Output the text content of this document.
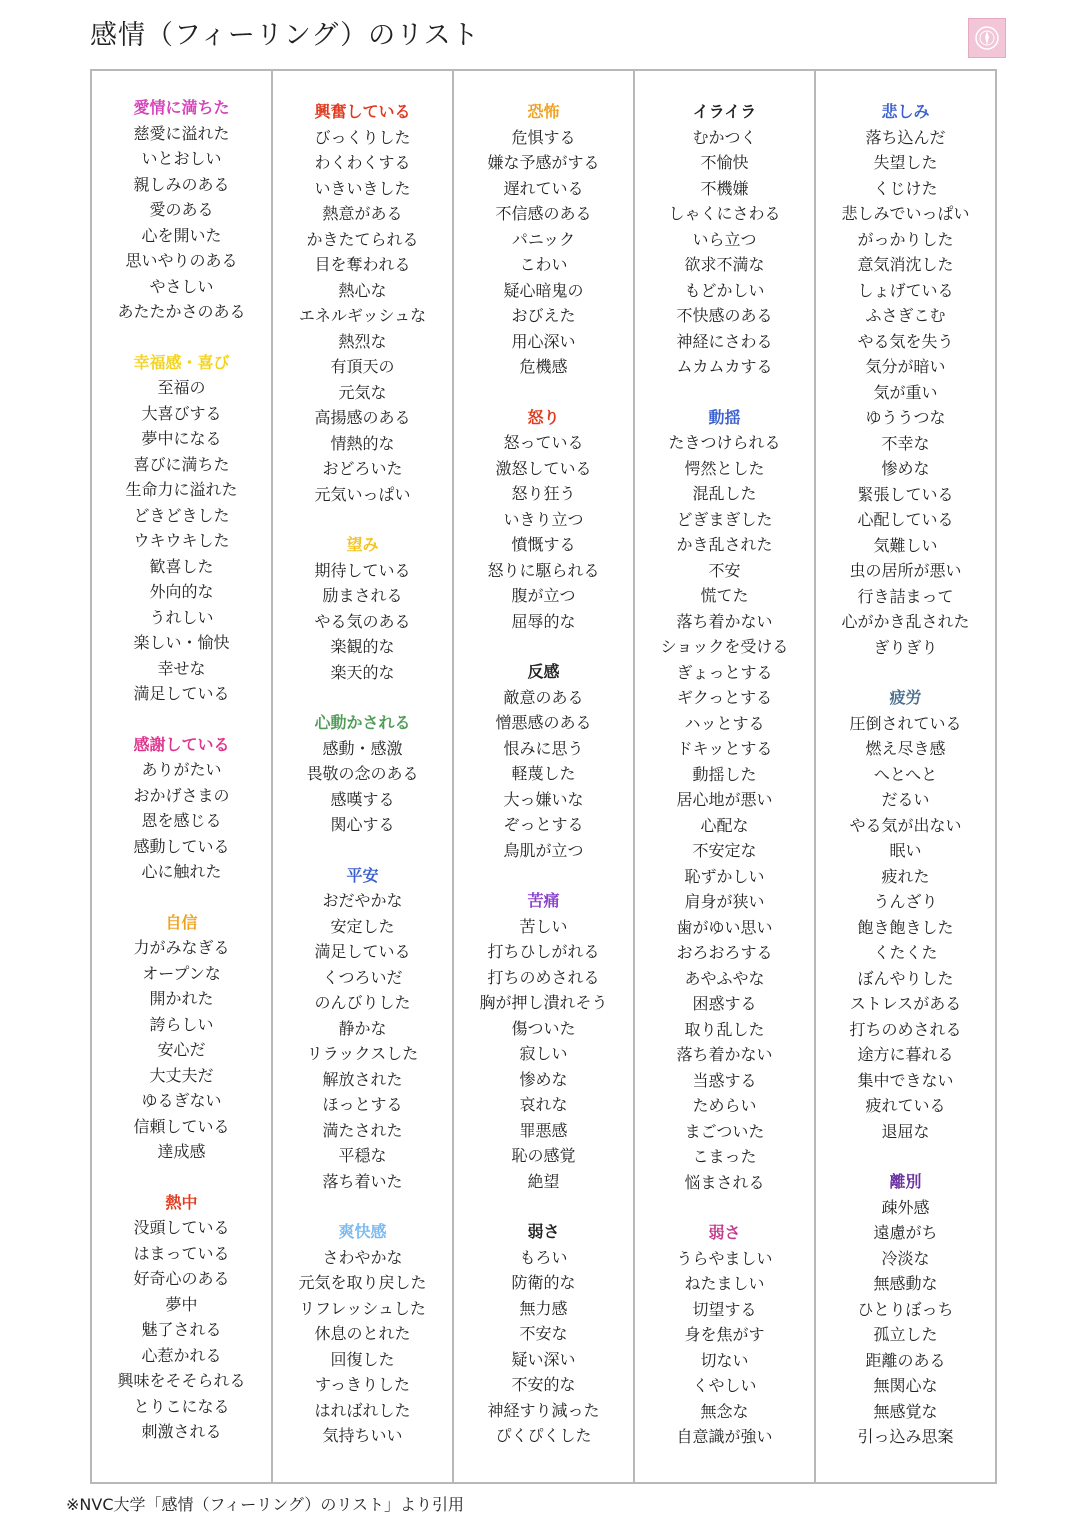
感情（フィーリング）のリスト
愛情に満ちた
慈愛に溢れた
いとおしい
親しみのある
愛のある
心を開いた
思いやりのある
やさしい
あたたかさのある
幸福感・喜び
至福の
大喜びする
夢中になる
喜びに満ちた
生命力に溢れた
どきどきした
ウキウキした
歓喜した
外向的な
うれしい
楽しい・愉快
幸せな
満足している
感謝している
ありがたい
おかげさまの
恩を感じる
感動している
心に触れた
自信
力がみなぎる
オープンな
開かれた
誇らしい
安心だ
大丈夫だ
ゆるぎない
信頼している
達成感
熱中
没頭している
はまっている
好奇心のある
夢中
魅了される
心惹かれる
興味をそそられる
とりこになる
刺激される
興奮している
びっくりした
わくわくする
いきいきした
熱意がある
かきたてられる
目を奪われる
熱心な
エネルギッシュな
熱烈な
有頂天の
元気な
高揚感のある
情熱的な
おどろいた
元気いっぱい
望み
期待している
励まされる
やる気のある
楽観的な
楽天的な
心動かされる
感動・感激
畏敬の念のある
感嘆する
関心する
平安
おだやかな
安定した
満足している
くつろいだ
のんびりした
静かな
リラックスした
解放された
ほっとする
満たされた
平穏な
落ち着いた
爽快感
さわやかな
元気を取り戻した
リフレッシュした
休息のとれた
回復した
すっきりした
はればれした
気持ちいい
恐怖
危惧する
嫌な予感がする
遅れている
不信感のある
パニック
こわい
疑心暗鬼の
おびえた
用心深い
危機感
怒り
怒っている
激怒している
怒り狂う
いきり立つ
憤慨する
怒りに駆られる
腹が立つ
屈辱的な
反感
敵意のある
憎悪感のある
恨みに思う
軽蔑した
大っ嫌いな
ぞっとする
鳥肌が立つ
苦痛
苦しい
打ちひしがれる
打ちのめされる
胸が押し潰れそう
傷ついた
寂しい
惨めな
哀れな
罪悪感
恥の感覚
絶望
弱さ
もろい
防衛的な
無力感
不安な
疑い深い
不安的な
神経すり減った
ぴくぴくした
イライラ
むかつく
不愉快
不機嫌
しゃくにさわる
いら立つ
欲求不満な
もどかしい
不快感のある
神経にさわる
ムカムカする
動揺
たきつけられる
愕然とした
混乱した
どぎまぎした
かき乱された
不安
慌てた
落ち着かない
ショックを受ける
ぎょっとする
ギクっとする
ハッとする
ドキッとする
動揺した
居心地が悪い
心配な
不安定な
恥ずかしい
肩身が狭い
歯がゆい思い
おろおろする
あやふやな
困惑する
取り乱した
落ち着かない
当惑する
ためらい
まごついた
こまった
悩まされる
弱さ
うらやましい
ねたましい
切望する
身を焦がす
切ない
くやしい
無念な
自意識が強い
悲しみ
落ち込んだ
失望した
くじけた
悲しみでいっぱい
がっかりした
意気消沈した
しょげている
ふさぎこむ
やる気を失う
気分が暗い
気が重い
ゆううつな
不幸な
惨めな
緊張している
心配している
気難しい
虫の居所が悪い
行き詰まって
心がかき乱された
ぎりぎり
疲労
圧倒されている
燃え尽き感
へとへと
だるい
やる気が出ない
眠い
疲れた
うんざり
飽き飽きした
くたくた
ぼんやりした
ストレスがある
打ちのめされる
途方に暮れる
集中できない
疲れている
退屈な
離別
疎外感
遠慮がち
冷淡な
無感動な
ひとりぼっち
孤立した
距離のある
無関心な
無感覚な
引っ込み思案
※NVC大学「感情（フィーリング）のリスト」より引用
